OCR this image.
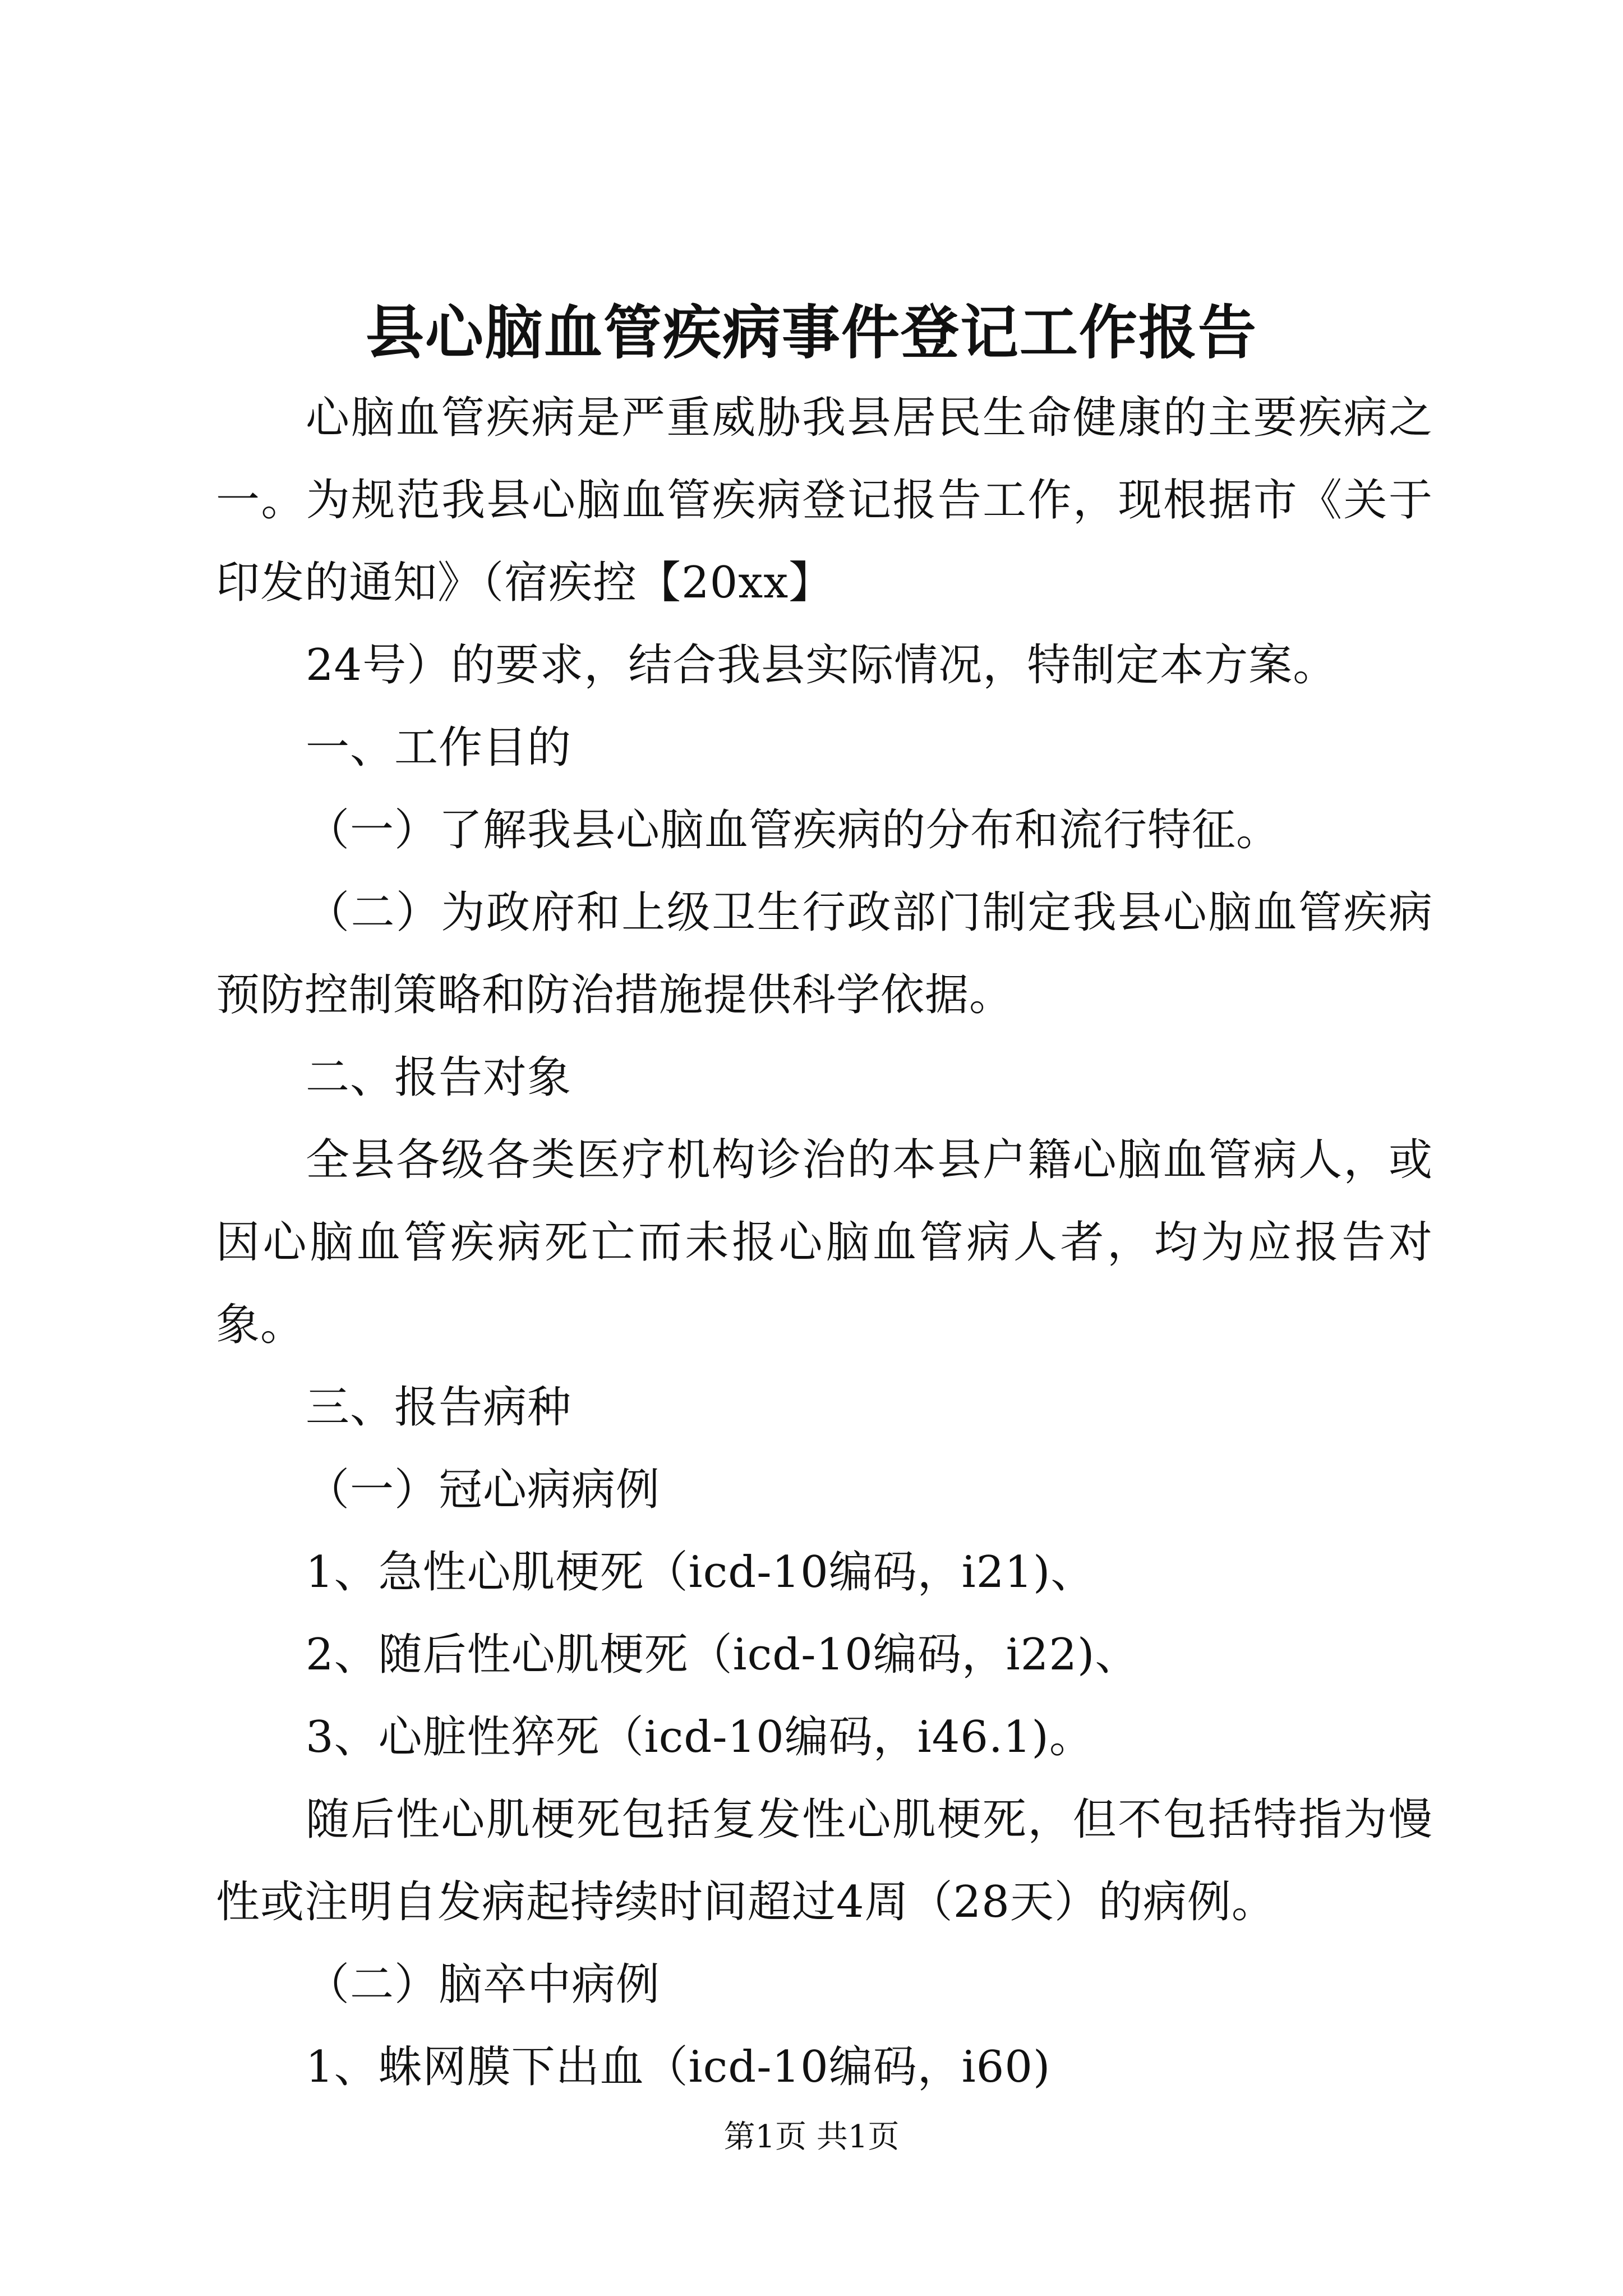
县心脑血管疾病事件登记工作报告

心脑血管疾病是严重威胁我县居民生命健康的主要疾病之一。为规范我县心脑血管疾病登记报告工作，现根据市《关于印发的通知》（宿疾控【20xx】

24号）的要求，结合我县实际情况，特制定本方案。

一、工作目的

（一）了解我县心脑血管疾病的分布和流行特征。

（二）为政府和上级卫生行政部门制定我县心脑血管疾病预防控制策略和防治措施提供科学依据。

二、报告对象

全县各级各类医疗机构诊治的本县户籍心脑血管病人，或因心脑血管疾病死亡而未报心脑血管病人者，均为应报告对象。

三、报告病种

（一）冠心病病例

1、急性心肌梗死（icd-10编码，i21)、

2、随后性心肌梗死（icd-10编码，i22)、

3、心脏性猝死（icd-10编码，i46.1)。

随后性心肌梗死包括复发性心肌梗死，但不包括特指为慢性或注明自发病起持续时间超过4周（28天）的病例。

（二）脑卒中病例

1、蛛网膜下出血（icd-10编码，i60)

第1页 共1页
